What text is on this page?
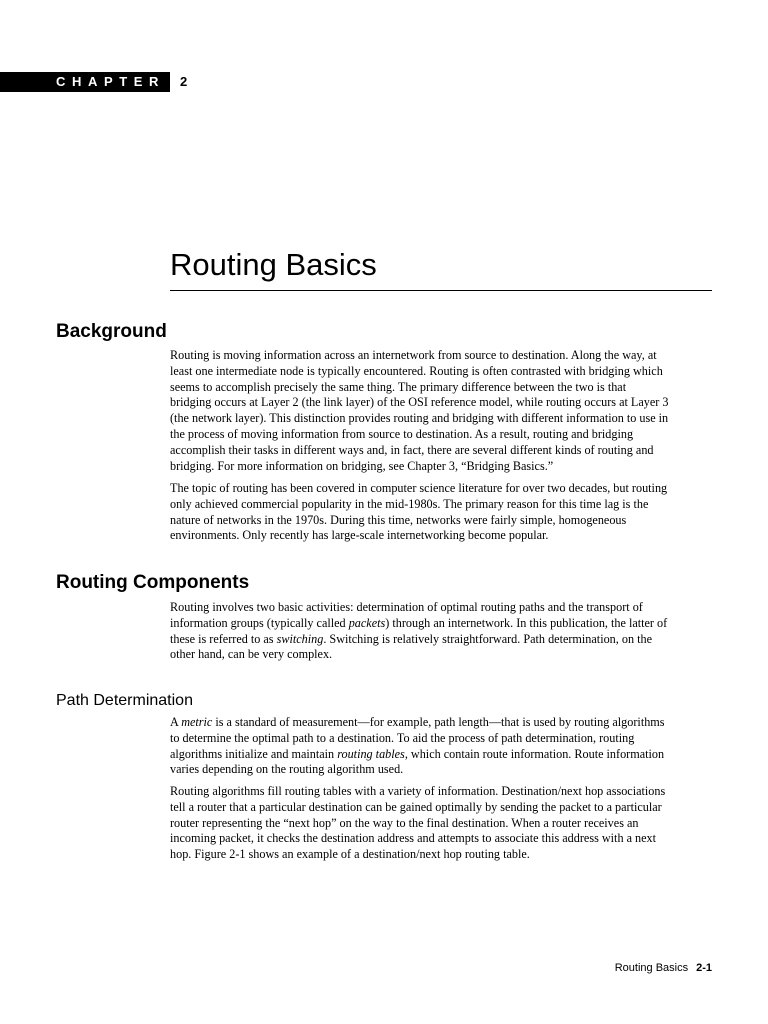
CHAPTER 2
Routing Basics
Background

Routing is moving information across an internetwork from source to destination. Along the way, at least one intermediate node is typically encountered. Routing is often contrasted with bridging which seems to accomplish precisely the same thing. The primary difference between the two is that bridging occurs at Layer 2 (the link layer) of the OSI reference model, while routing occurs at Layer 3 (the network layer). This distinction provides routing and bridging with different information to use in the process of moving information from source to destination. As a result, routing and bridging accomplish their tasks in different ways and, in fact, there are several different kinds of routing and bridging. For more information on bridging, see Chapter 3, “Bridging Basics.”

The topic of routing has been covered in computer science literature for over two decades, but routing only achieved commercial popularity in the mid-1980s. The primary reason for this time lag is the nature of networks in the 1970s. During this time, networks were fairly simple, homogeneous environments. Only recently has large-scale internetworking become popular.

Routing Components

Routing involves two basic activities: determination of optimal routing paths and the transport of information groups (typically called packets) through an internetwork. In this publication, the latter of these is referred to as switching. Switching is relatively straightforward. Path determination, on the other hand, can be very complex.

Path Determination

A metric is a standard of measurement—for example, path length—that is used by routing algorithms to determine the optimal path to a destination. To aid the process of path determination, routing algorithms initialize and maintain routing tables, which contain route information. Route information varies depending on the routing algorithm used.

Routing algorithms fill routing tables with a variety of information. Destination/next hop associations tell a router that a particular destination can be gained optimally by sending the packet to a particular router representing the “next hop” on the way to the final destination. When a router receives an incoming packet, it checks the destination address and attempts to associate this address with a next hop. Figure 2-1 shows an example of a destination/next hop routing table.

Routing Basics 2-1
